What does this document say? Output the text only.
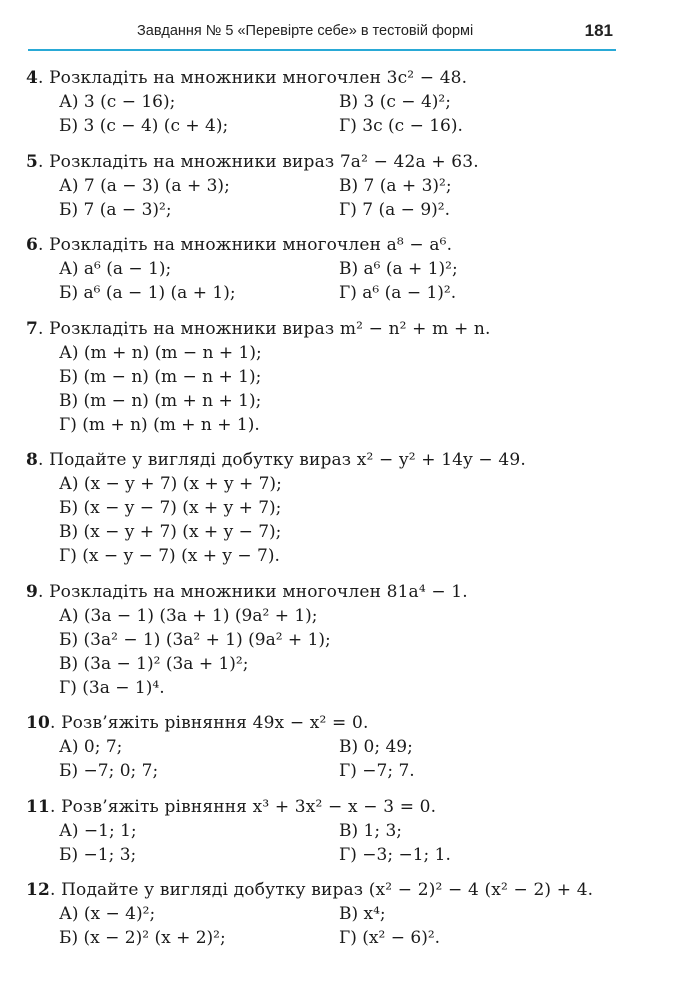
Завдання № 5 «Перевірте себе» в тестовій формі	181
4. Розкладіть на множники многочлен 3c² − 48.
А) 3 (c − 16);	В) 3 (c − 4)²;
Б) 3 (c − 4) (c + 4);	Г) 3c (c − 16).
5. Розкладіть на множники вираз 7a² − 42a + 63.
А) 7 (a − 3) (a + 3);	В) 7 (a + 3)²;
Б) 7 (a − 3)²;	Г) 7 (a − 9)².
6. Розкладіть на множники многочлен a⁸ − a⁶.
А) a⁶ (a − 1);	В) a⁶ (a + 1)²;
Б) a⁶ (a − 1) (a + 1);	Г) a⁶ (a − 1)².
7. Розкладіть на множники вираз m² − n² + m + n.
А) (m + n) (m − n + 1);
Б) (m − n) (m − n + 1);
В) (m − n) (m + n + 1);
Г) (m + n) (m + n + 1).
8. Подайте у вигляді добутку вираз x² − y² + 14y − 49.
А) (x − y + 7) (x + y + 7);
Б) (x − y − 7) (x + y + 7);
В) (x − y + 7) (x + y − 7);
Г) (x − y − 7) (x + y − 7).
9. Розкладіть на множники многочлен 81a⁴ − 1.
А) (3a − 1) (3a + 1) (9a² + 1);
Б) (3a² − 1) (3a² + 1) (9a² + 1);
В) (3a − 1)² (3a + 1)²;
Г) (3a − 1)⁴.
10. Розв’яжіть рівняння 49x − x² = 0.
А) 0; 7;	В) 0; 49;
Б) −7; 0; 7;	Г) −7; 7.
11. Розв’яжіть рівняння x³ + 3x² − x − 3 = 0.
А) −1; 1;	В) 1; 3;
Б) −1; 3;	Г) −3; −1; 1.
12. Подайте у вигляді добутку вираз (x² − 2)² − 4 (x² − 2) + 4.
А) (x − 4)²;	В) x⁴;
Б) (x − 2)² (x + 2)²;	Г) (x² − 6)².
